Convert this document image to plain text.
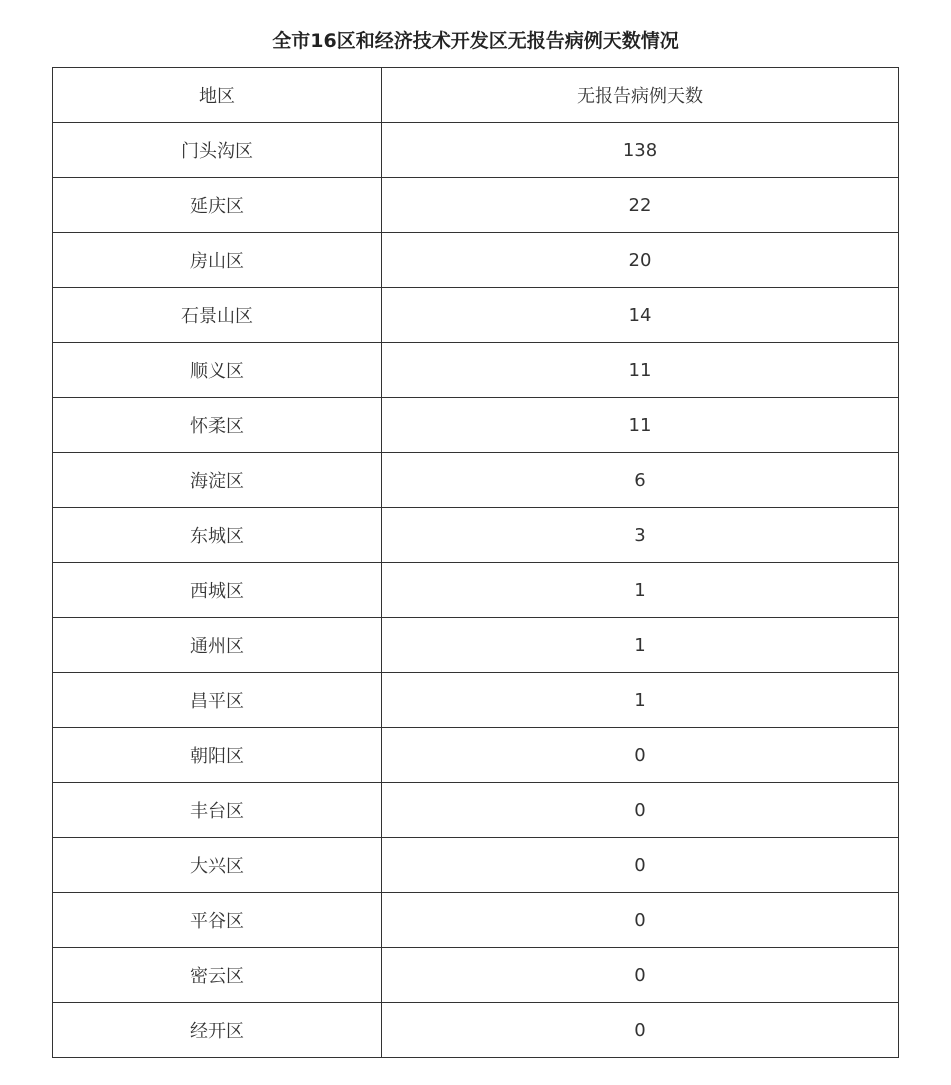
全市16区和经济技术开发区无报告病例天数情况
地区	无报告病例天数
门头沟区	138
延庆区	22
房山区	20
石景山区	14
顺义区	11
怀柔区	11
海淀区	6
东城区	3
西城区	1
通州区	1
昌平区	1
朝阳区	0
丰台区	0
大兴区	0
平谷区	0
密云区	0
经开区	0
